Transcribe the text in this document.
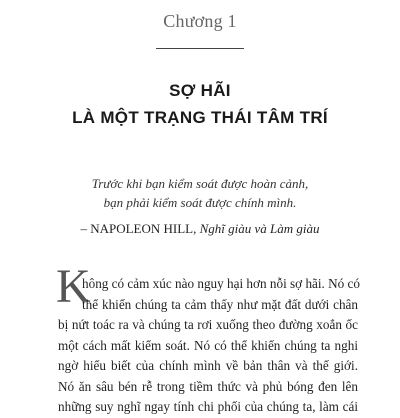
Chương 1
SỢ HÃI
LÀ MỘT TRẠNG THÁI TÂM TRÍ
Trước khi bạn kiểm soát được hoàn cảnh,
bạn phải kiểm soát được chính mình.
– NAPOLEON HILL, Nghĩ giàu và Làm giàu
K
hông có cảm xúc nào nguy hại hơn nỗi sợ hãi. Nó có
thể khiến chúng ta cảm thấy như mặt đất dưới chân
bị nứt toác ra và chúng ta rơi xuống theo đường xoắn ốc
một cách mất kiểm soát. Nó có thể khiến chúng ta nghi
ngờ hiểu biết của chính mình về bản thân và thế giới.
Nó ăn sâu bén rễ trong tiềm thức và phủ bóng đen lên
những suy nghĩ ngay tính chi phối của chúng ta, làm cái
